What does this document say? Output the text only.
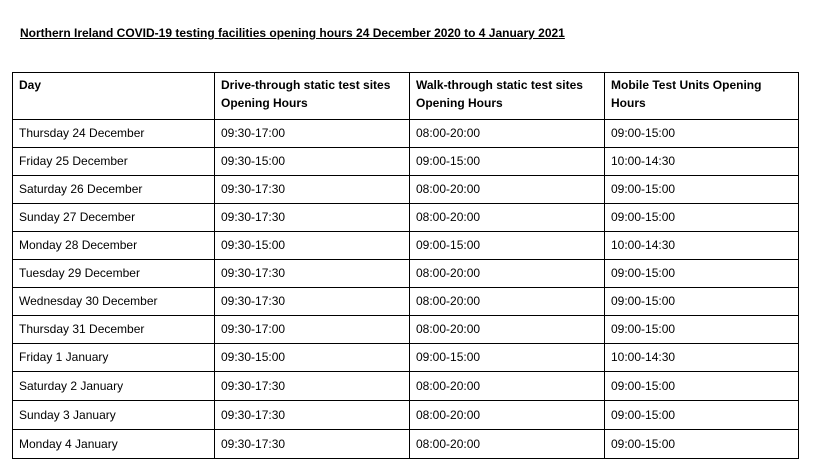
Northern Ireland COVID-19 testing facilities opening hours 24 December 2020 to 4 January 2021
Day	Drive-through static test sites Opening Hours	Walk-through static test sites Opening Hours	Mobile Test Units Opening Hours
Thursday 24 December	09:30-17:00	08:00-20:00	09:00-15:00
Friday 25 December	09:30-15:00	09:00-15:00	10:00-14:30
Saturday 26 December	09:30-17:30	08:00-20:00	09:00-15:00
Sunday 27 December	09:30-17:30	08:00-20:00	09:00-15:00
Monday 28 December	09:30-15:00	09:00-15:00	10:00-14:30
Tuesday 29 December	09:30-17:30	08:00-20:00	09:00-15:00
Wednesday 30 December	09:30-17:30	08:00-20:00	09:00-15:00
Thursday 31 December	09:30-17:00	08:00-20:00	09:00-15:00
Friday 1 January	09:30-15:00	09:00-15:00	10:00-14:30
Saturday 2 January	09:30-17:30	08:00-20:00	09:00-15:00
Sunday 3 January	09:30-17:30	08:00-20:00	09:00-15:00
Monday 4 January	09:30-17:30	08:00-20:00	09:00-15:00
